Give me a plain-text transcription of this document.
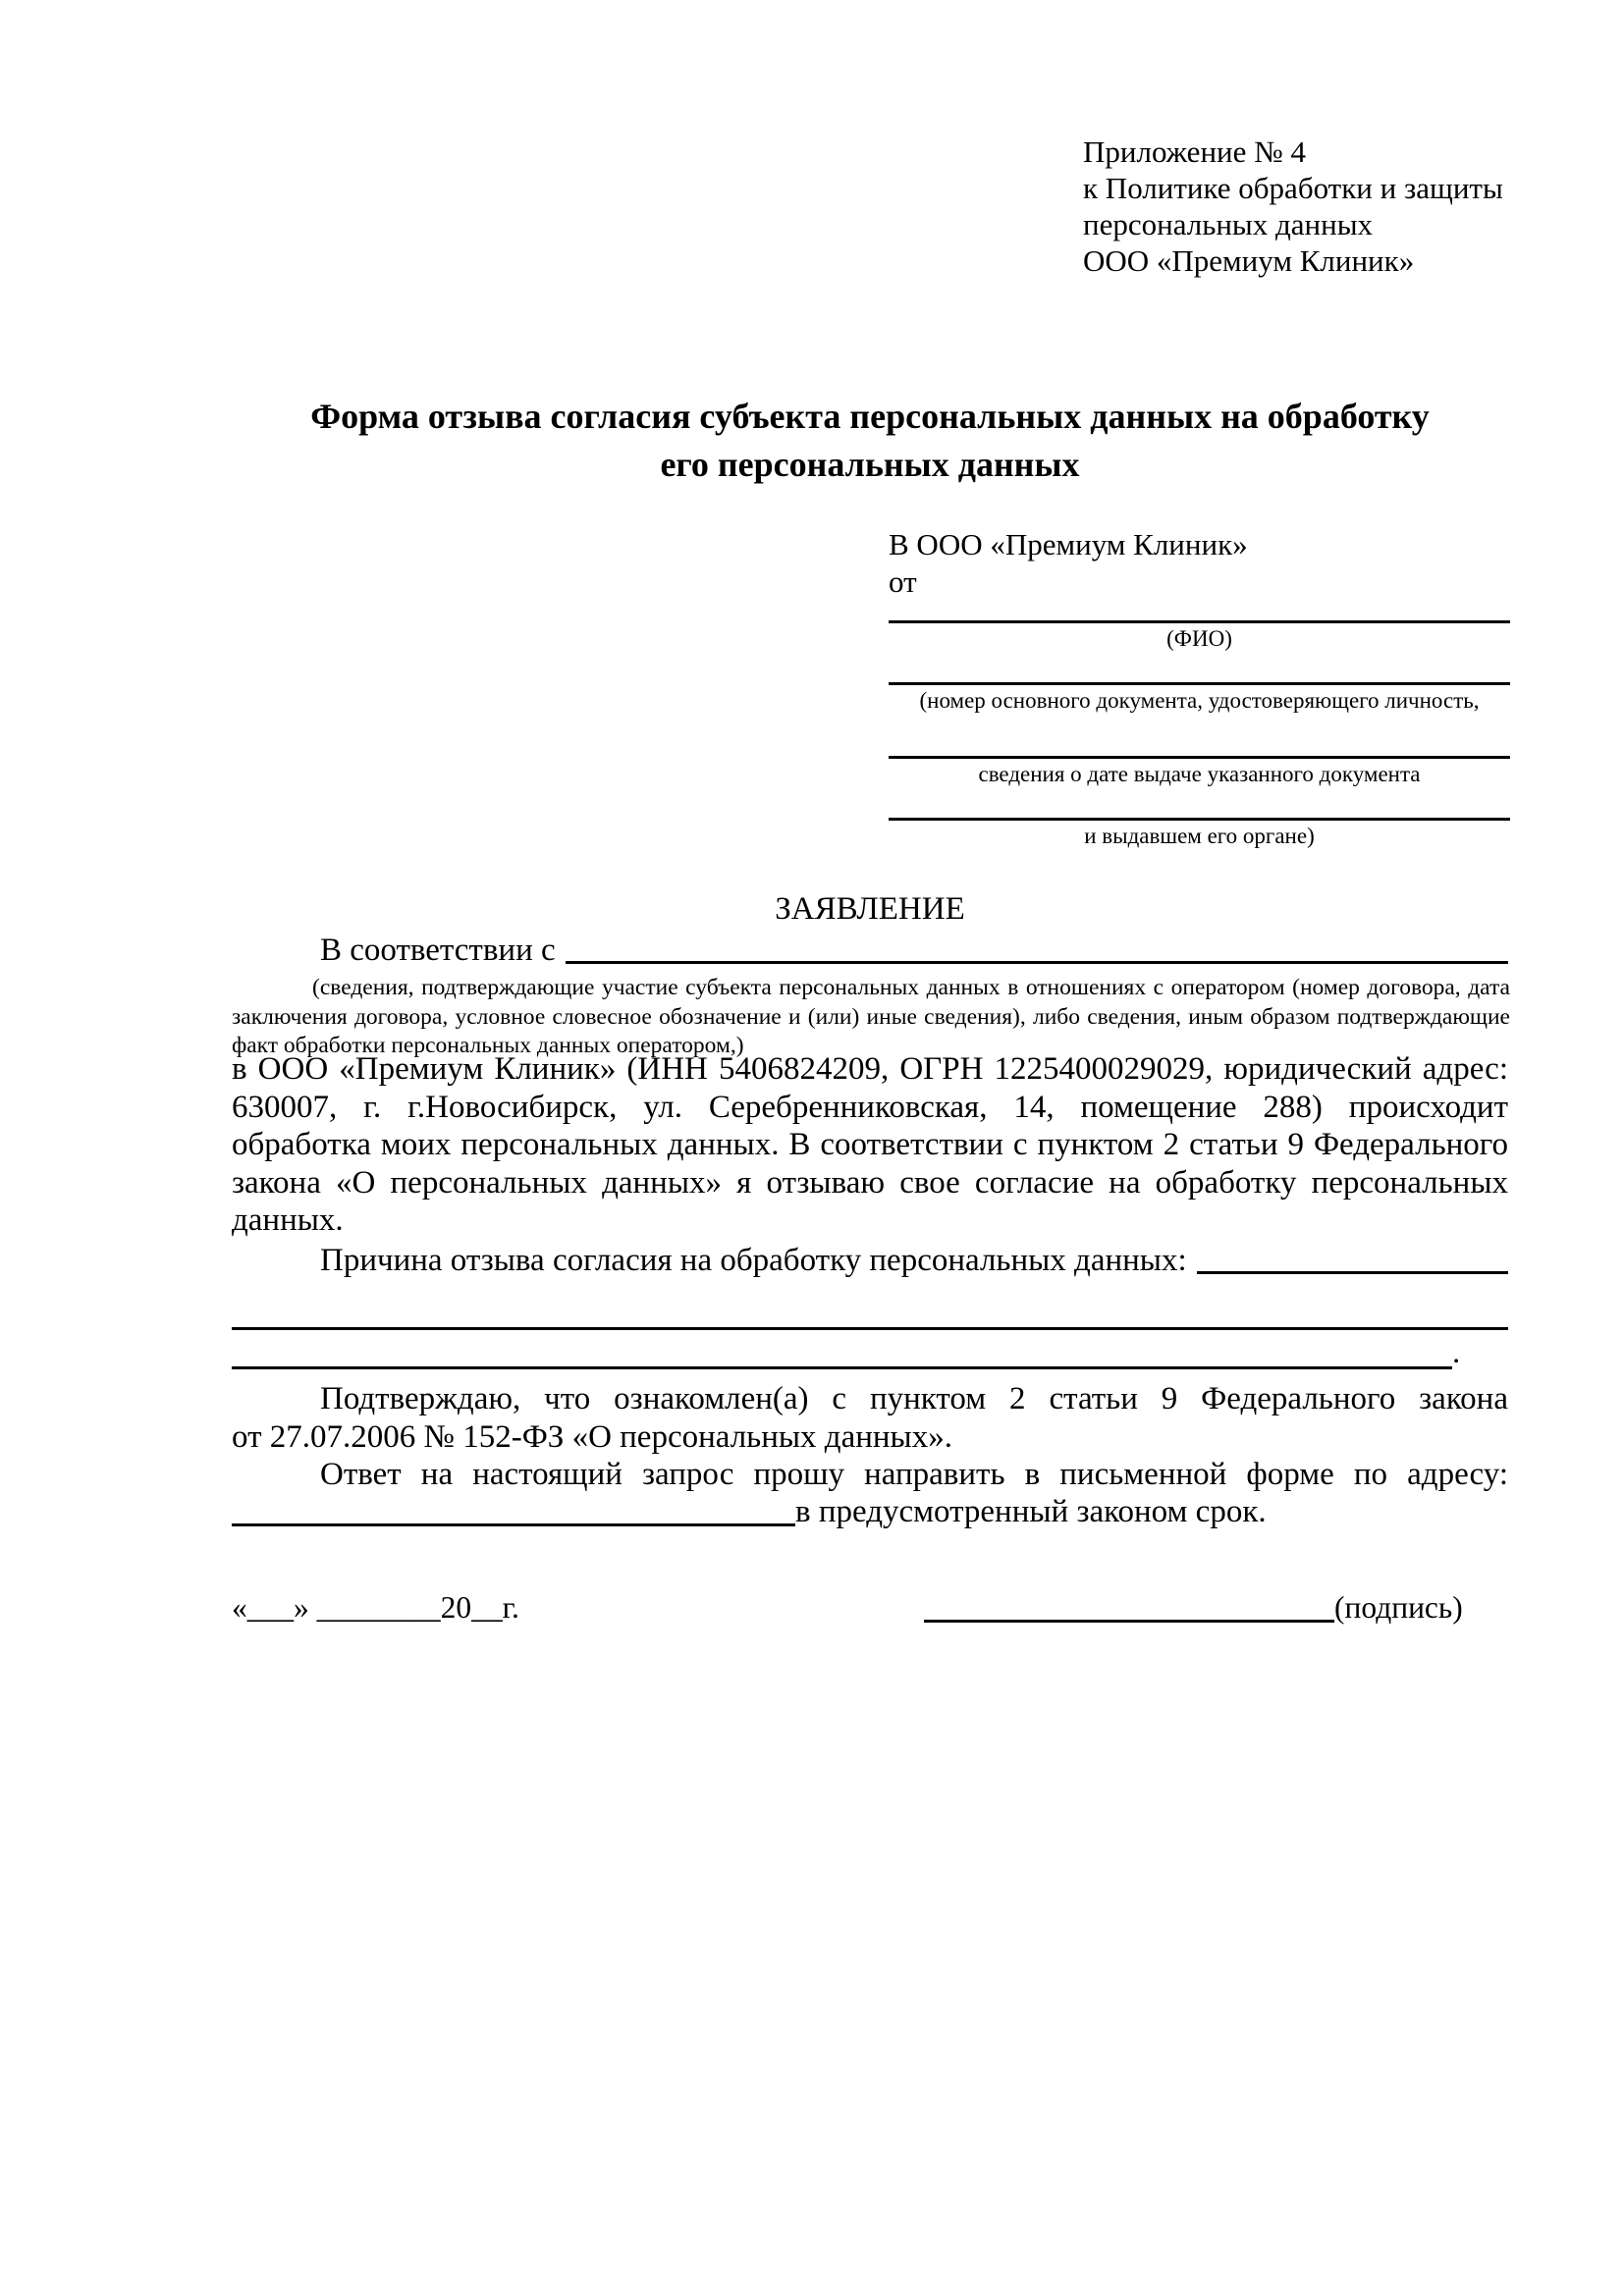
Приложение № 4
к Политике обработки и защиты
персональных данных
ООО «Премиум Клиник»
Форма отзыва согласия субъекта персональных данных на обработку
его персональных данных
В ООО «Премиум Клиник»
от
(ФИО)
(номер основного документа, удостоверяющего личность,
сведения о дате выдаче указанного документа
и выдавшем его органе)
ЗАЯВЛЕНИЕ
В соответствии с
(сведения, подтверждающие участие субъекта персональных данных в отношениях с оператором (номер договора, дата заключения договора, условное словесное обозначение и (или) иные сведения), либо сведения, иным образом подтверждающие факт обработки персональных данных оператором,)
в ООО «Премиум Клиник» (ИНН 5406824209, ОГРН 1225400029029, юридический адрес: 630007, г. г.Новосибирск, ул. Серебренниковская, 14, помещение 288) происходит обработка моих персональных данных. В соответствии с пунктом 2 статьи 9 Федерального закона «О персональных данных» я отзываю свое согласие на обработку персональных данных.
Причина отзыва согласия на обработку персональных данных:
.
Подтверждаю, что ознакомлен(а) с пунктом 2 статьи 9 Федерального закона
от 27.07.2006 № 152-ФЗ «О персональных данных».
Ответ на настоящий запрос прошу направить в письменной форме по адресу:
в предусмотренный законом срок.
«___» ________20__г.	(подпись)
